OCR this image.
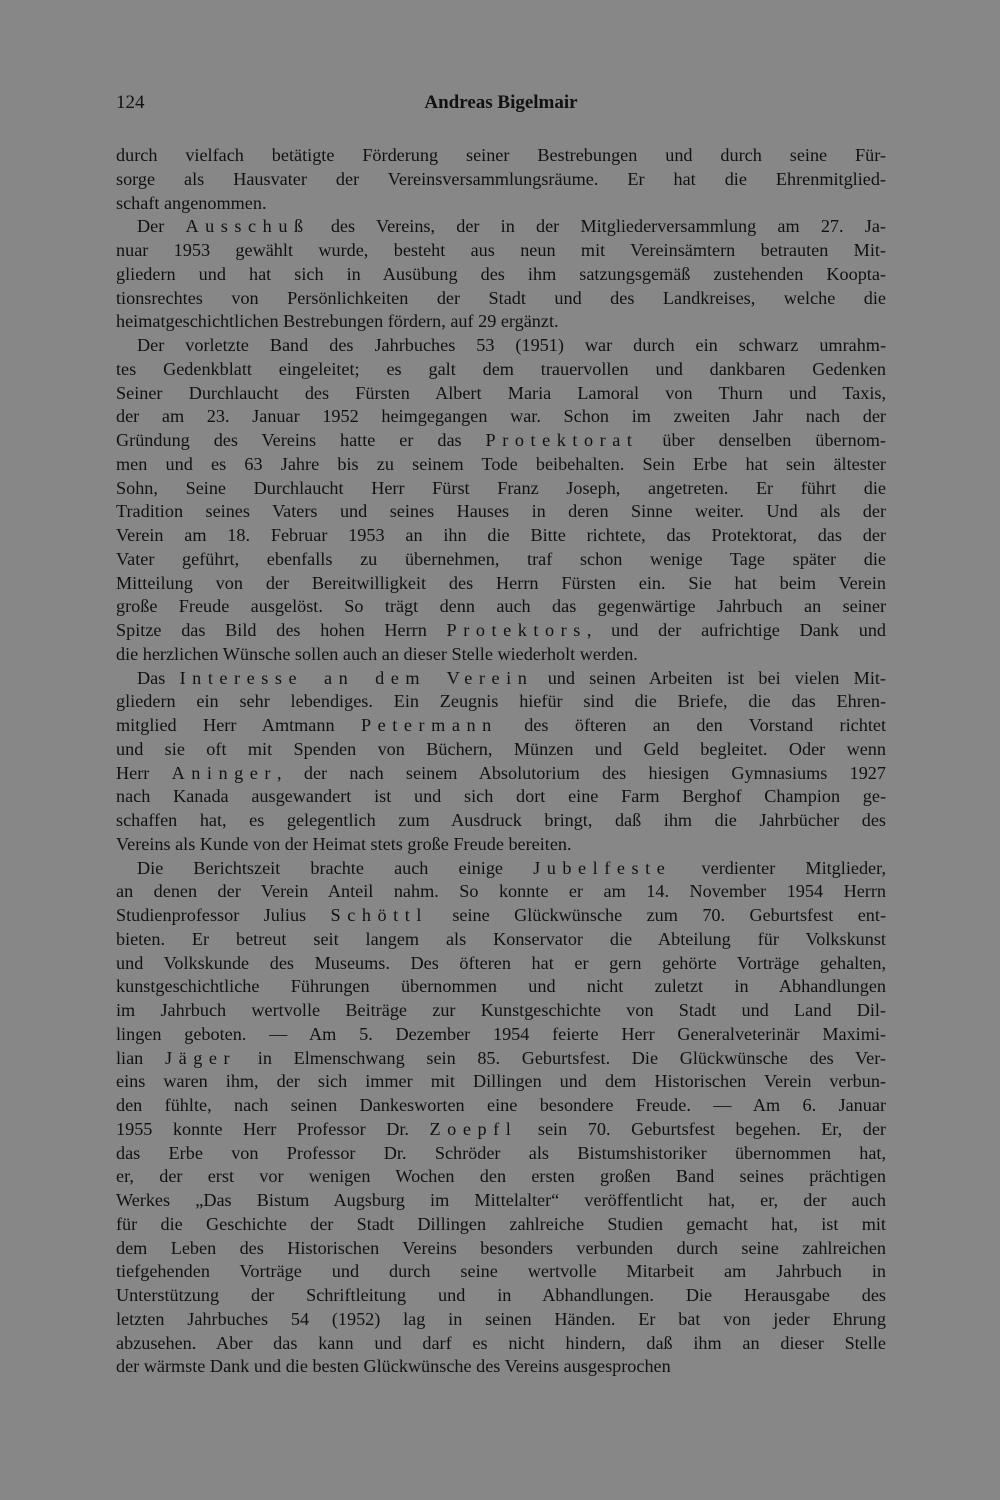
124	Andreas Bigelmair

durch vielfach betätigte Förderung seiner Bestrebungen und durch seine Für-
sorge als Hausvater der Vereinsversammlungsräume. Er hat die Ehrenmitglied-
schaft angenommen.

Der Ausschuß des Vereins, der in der Mitgliederversammlung am 27. Ja-
nuar 1953 gewählt wurde, besteht aus neun mit Vereinsämtern betrauten Mit-
gliedern und hat sich in Ausübung des ihm satzungsgemäß zustehenden Koopta-
tionsrechtes von Persönlichkeiten der Stadt und des Landkreises, welche die
heimatgeschichtlichen Bestrebungen fördern, auf 29 ergänzt.

Der vorletzte Band des Jahrbuches 53 (1951) war durch ein schwarz umrahm-
tes Gedenkblatt eingeleitet; es galt dem trauervollen und dankbaren Gedenken
Seiner Durchlaucht des Fürsten Albert Maria Lamoral von Thurn und Taxis,
der am 23. Januar 1952 heimgegangen war. Schon im zweiten Jahr nach der
Gründung des Vereins hatte er das Protektorat über denselben übernom-
men und es 63 Jahre bis zu seinem Tode beibehalten. Sein Erbe hat sein ältester
Sohn, Seine Durchlaucht Herr Fürst Franz Joseph, angetreten. Er führt die
Tradition seines Vaters und seines Hauses in deren Sinne weiter. Und als der
Verein am 18. Februar 1953 an ihn die Bitte richtete, das Protektorat, das der
Vater geführt, ebenfalls zu übernehmen, traf schon wenige Tage später die
Mitteilung von der Bereitwilligkeit des Herrn Fürsten ein. Sie hat beim Verein
große Freude ausgelöst. So trägt denn auch das gegenwärtige Jahrbuch an seiner
Spitze das Bild des hohen Herrn Protektors, und der aufrichtige Dank und
die herzlichen Wünsche sollen auch an dieser Stelle wiederholt werden.

Das Interesse an dem Verein und seinen Arbeiten ist bei vielen Mit-
gliedern ein sehr lebendiges. Ein Zeugnis hiefür sind die Briefe, die das Ehren-
mitglied Herr Amtmann Petermann des öfteren an den Vorstand richtet
und sie oft mit Spenden von Büchern, Münzen und Geld begleitet. Oder wenn
Herr Aninger, der nach seinem Absolutorium des hiesigen Gymnasiums 1927
nach Kanada ausgewandert ist und sich dort eine Farm Berghof Champion ge-
schaffen hat, es gelegentlich zum Ausdruck bringt, daß ihm die Jahrbücher des
Vereins als Kunde von der Heimat stets große Freude bereiten.

Die Berichtszeit brachte auch einige Jubelfeste verdienter Mitglieder,
an denen der Verein Anteil nahm. So konnte er am 14. November 1954 Herrn
Studienprofessor Julius Schöttl seine Glückwünsche zum 70. Geburtsfest ent-
bieten. Er betreut seit langem als Konservator die Abteilung für Volkskunst
und Volkskunde des Museums. Des öfteren hat er gern gehörte Vorträge gehalten,
kunstgeschichtliche Führungen übernommen und nicht zuletzt in Abhandlungen
im Jahrbuch wertvolle Beiträge zur Kunstgeschichte von Stadt und Land Dil-
lingen geboten. — Am 5. Dezember 1954 feierte Herr Generalveterinär Maximi-
lian Jäger in Elmenschwang sein 85. Geburtsfest. Die Glückwünsche des Ver-
eins waren ihm, der sich immer mit Dillingen und dem Historischen Verein verbun-
den fühlte, nach seinen Dankesworten eine besondere Freude. — Am 6. Januar
1955 konnte Herr Professor Dr. Zoepfl sein 70. Geburtsfest begehen. Er, der
das Erbe von Professor Dr. Schröder als Bistumshistoriker übernommen hat,
er, der erst vor wenigen Wochen den ersten großen Band seines prächtigen
Werkes „Das Bistum Augsburg im Mittelalter“ veröffentlicht hat, er, der auch
für die Geschichte der Stadt Dillingen zahlreiche Studien gemacht hat, ist mit
dem Leben des Historischen Vereins besonders verbunden durch seine zahlreichen
tiefgehenden Vorträge und durch seine wertvolle Mitarbeit am Jahrbuch in
Unterstützung der Schriftleitung und in Abhandlungen. Die Herausgabe des
letzten Jahrbuches 54 (1952) lag in seinen Händen. Er bat von jeder Ehrung
abzusehen. Aber das kann und darf es nicht hindern, daß ihm an dieser Stelle
der wärmste Dank und die besten Glückwünsche des Vereins ausgesprochen
